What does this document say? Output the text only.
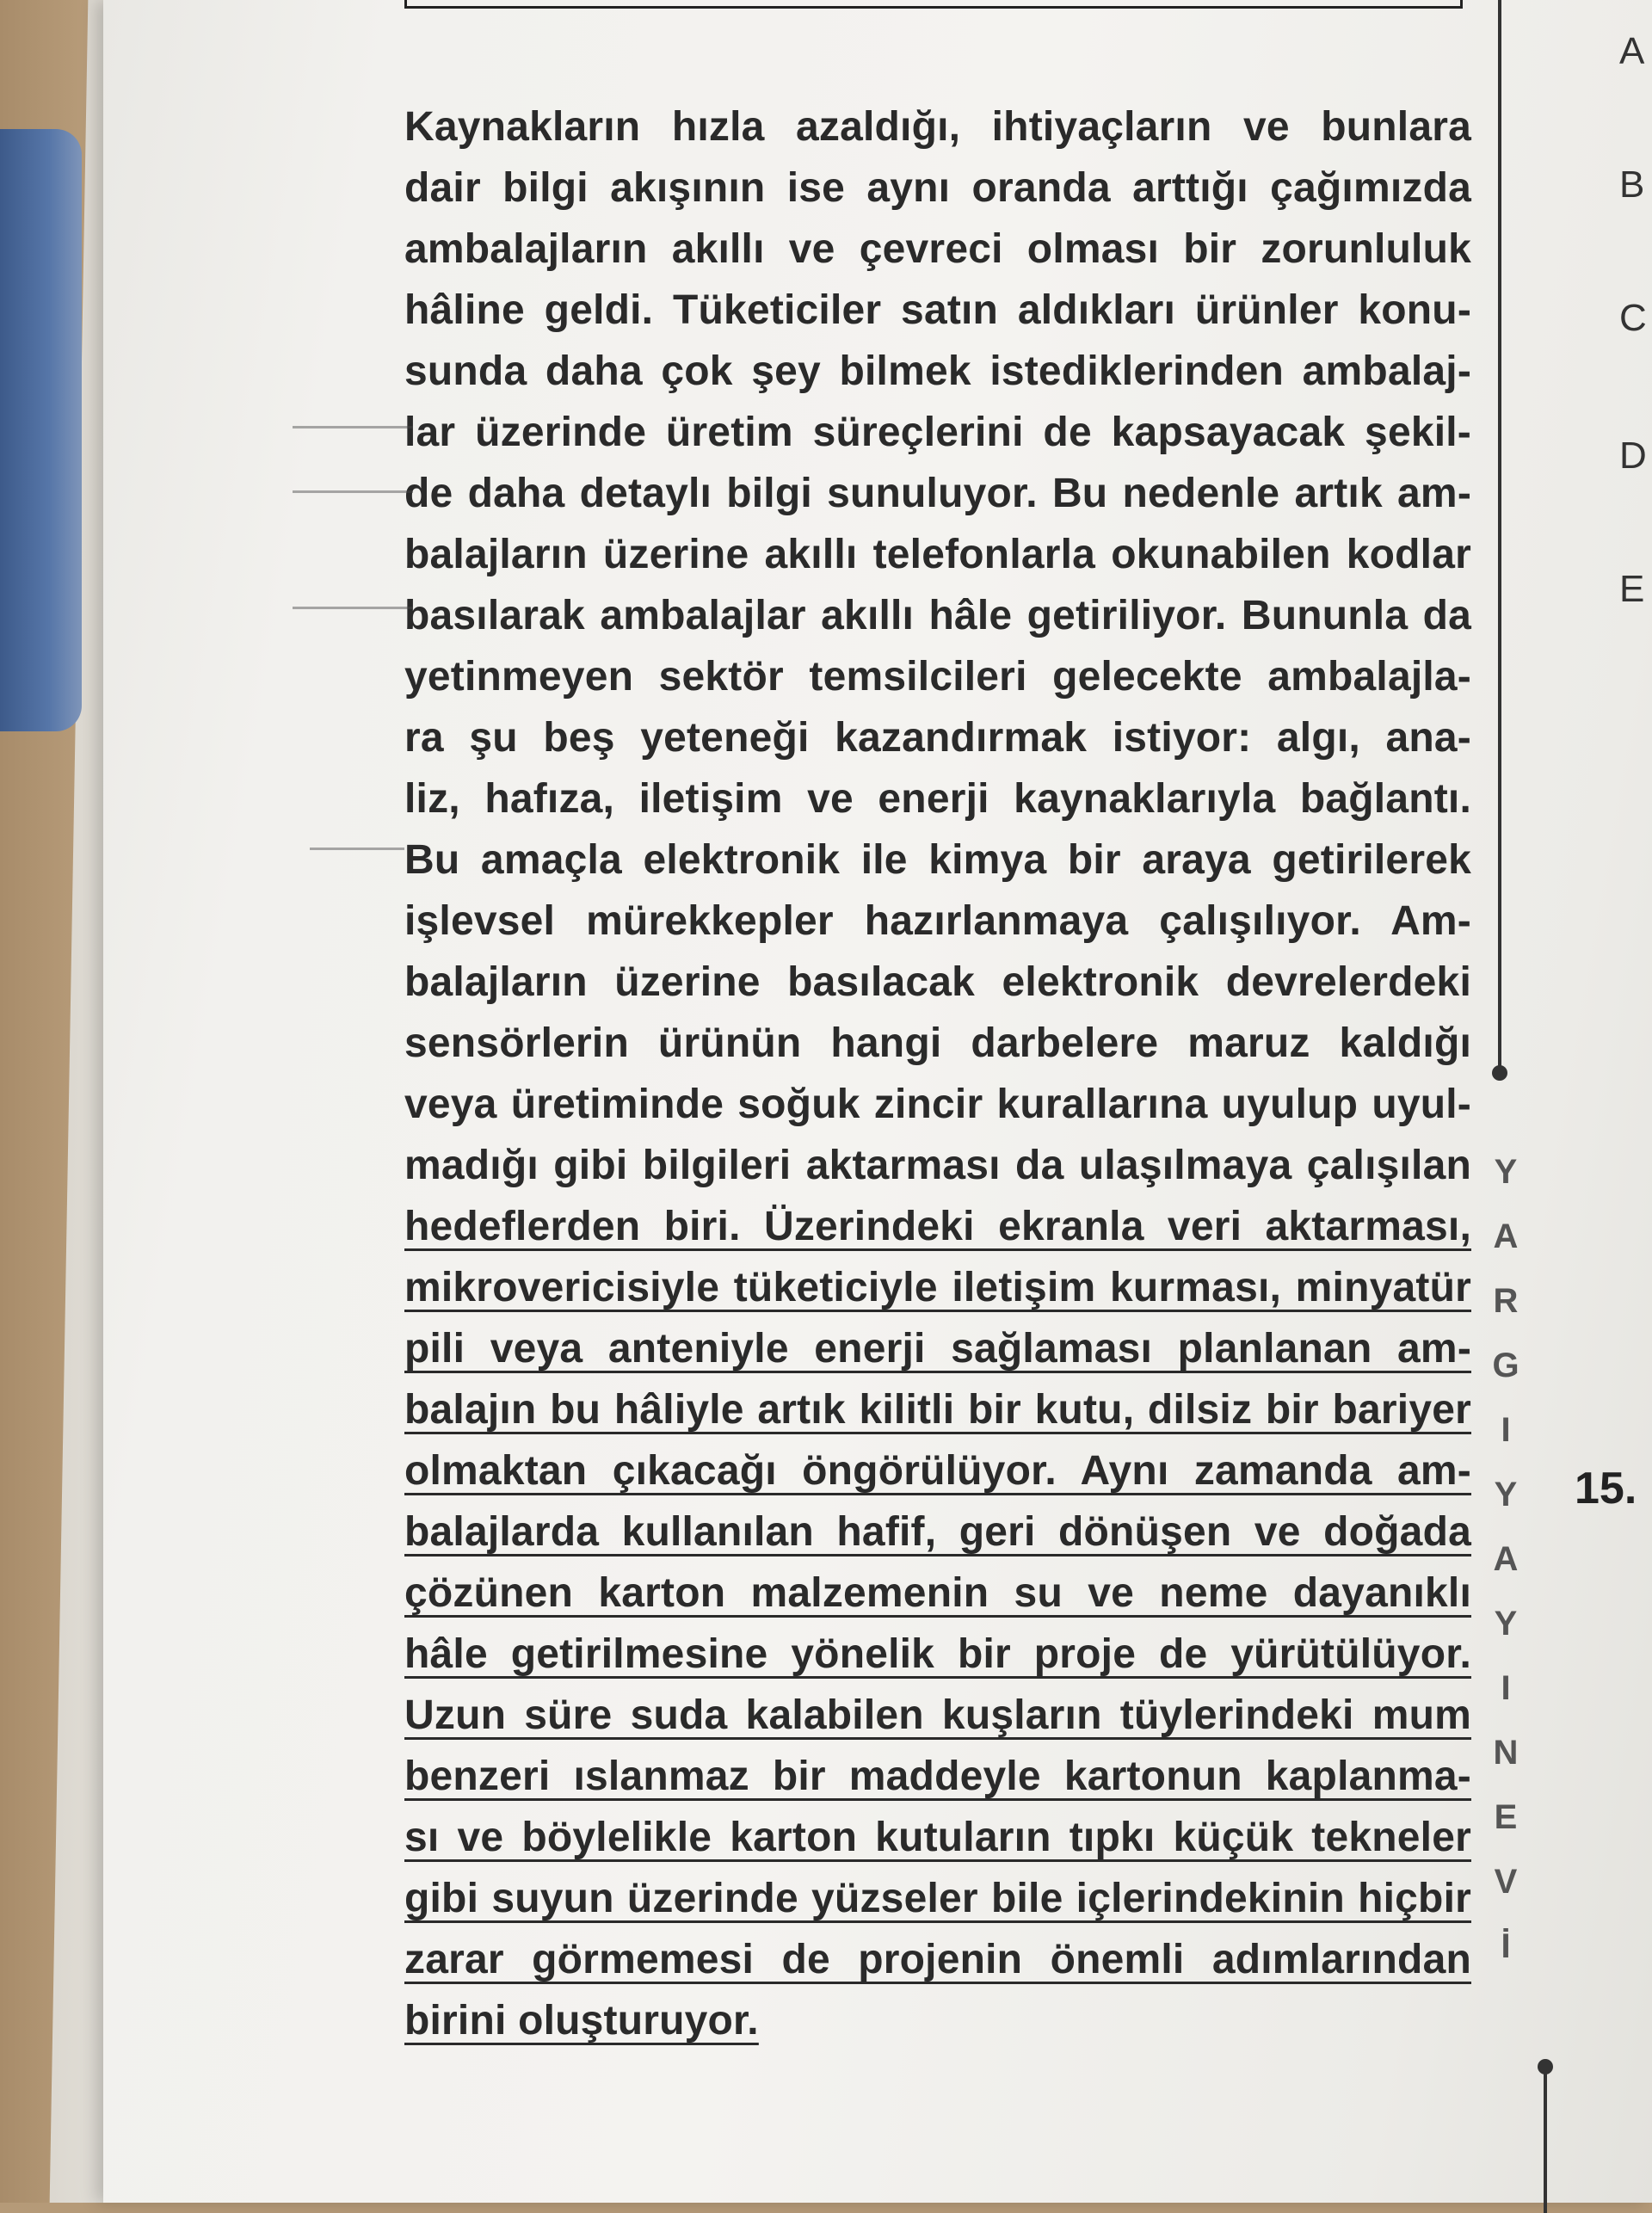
Kaynakların hızla azaldığı, ihtiyaçların ve bunlara
dair bilgi akışının ise aynı oranda arttığı çağımızda
ambalajların akıllı ve çevreci olması bir zorunluluk
hâline geldi. Tüketiciler satın aldıkları ürünler konu-
sunda daha çok şey bilmek istediklerinden ambalaj-
lar üzerinde üretim süreçlerini de kapsayacak şekil-
de daha detaylı bilgi sunuluyor. Bu nedenle artık am-
balajların üzerine akıllı telefonlarla okunabilen kodlar
basılarak ambalajlar akıllı hâle getiriliyor. Bununla da
yetinmeyen sektör temsilcileri gelecekte ambalajla-
ra şu beş yeteneği kazandırmak istiyor: algı, ana-
liz, hafıza, iletişim ve enerji kaynaklarıyla bağlantı.
Bu amaçla elektronik ile kimya bir araya getirilerek
işlevsel mürekkepler hazırlanmaya çalışılıyor. Am-
balajların üzerine basılacak elektronik devrelerdeki
sensörlerin ürünün hangi darbelere maruz kaldığı
veya üretiminde soğuk zincir kurallarına uyulup uyul-
madığı gibi bilgileri aktarması da ulaşılmaya çalışılan
hedeflerden biri. Üzerindeki ekranla veri aktarması,
mikrovericisiyle tüketiciyle iletişim kurması, minyatür
pili veya anteniyle enerji sağlaması planlanan am-
balajın bu hâliyle artık kilitli bir kutu, dilsiz bir bariyer
olmaktan çıkacağı öngörülüyor. Aynı zamanda am-
balajlarda kullanılan hafif, geri dönüşen ve doğada
çözünen karton malzemenin su ve neme dayanıklı
hâle getirilmesine yönelik bir proje de yürütülüyor.
Uzun süre suda kalabilen kuşların tüylerindeki mum
benzeri ıslanmaz bir maddeyle kartonun kaplanma-
sı ve böylelikle karton kutuların tıpkı küçük tekneler
gibi suyun üzerinde yüzseler bile içlerindekinin hiçbir
zarar görmemesi de projenin önemli adımlarından
birini oluşturuyor.
Y
A
R
G
I
Y
A
Y
I
N
E
V
İ
15.
A
B
C
D
E
